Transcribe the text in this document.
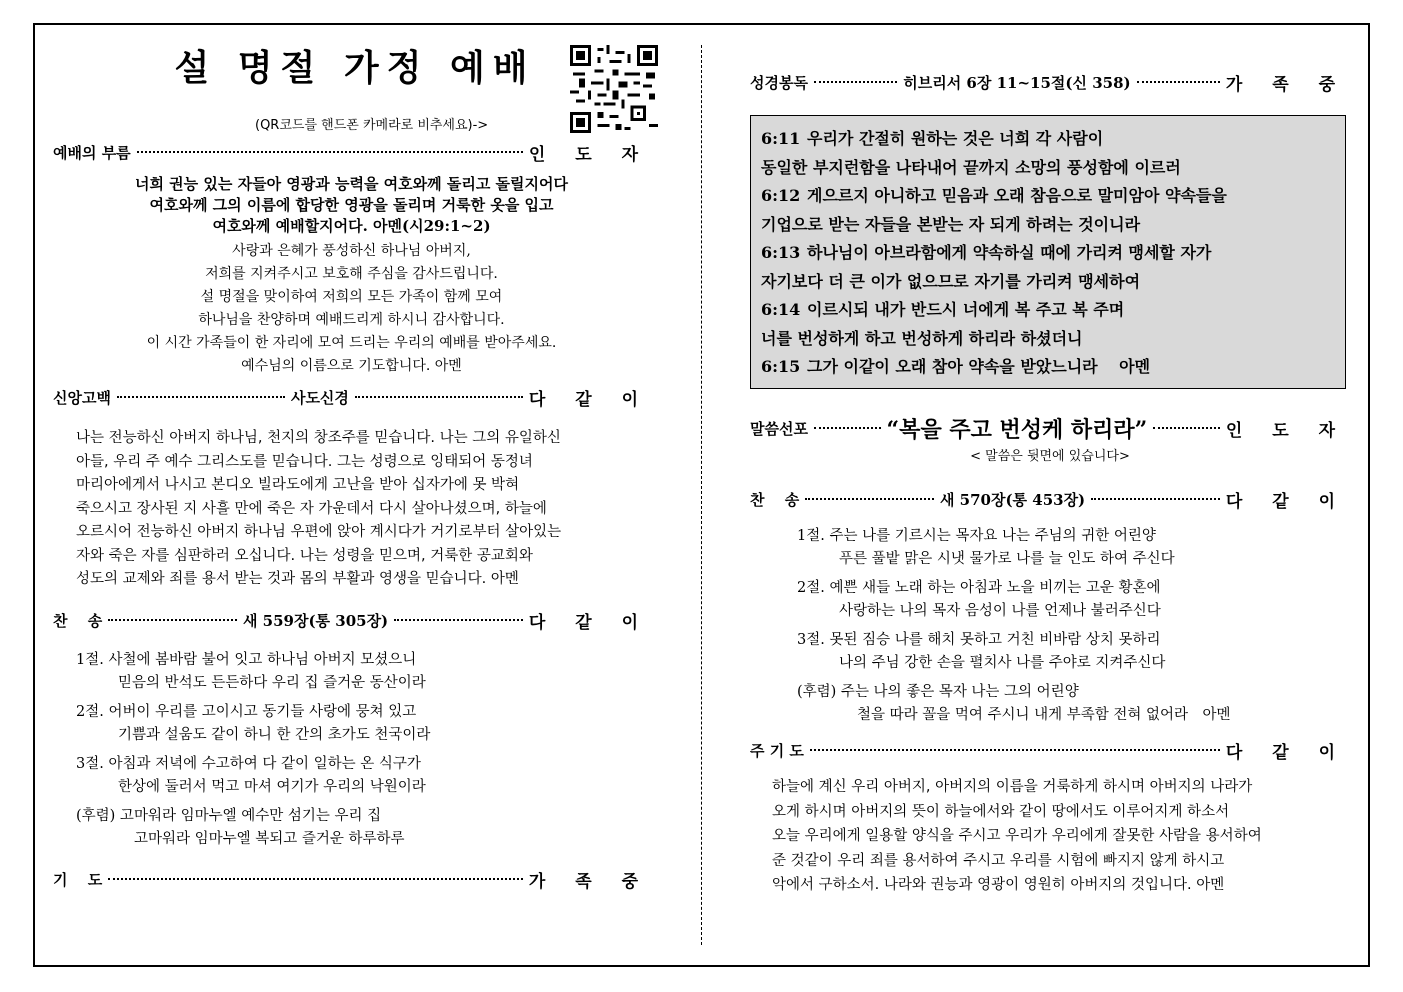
설 명절 가정 예배
(QR코드를 핸드폰 카메라로 비추세요)->
예배의 부름	인 도 자
너희 권능 있는 자들아 영광과 능력을 여호와께 돌리고 돌릴지어다
여호와께 그의 이름에 합당한 영광을 돌리며 거룩한 옷을 입고
여호와께 예배할지어다. 아멘(시29:1~2)
사랑과 은혜가 풍성하신 하나님 아버지,
저희를 지켜주시고 보호해 주심을 감사드립니다.
설 명절을 맞이하여 저희의 모든 가족이 함께 모여
하나님을 찬양하며 예배드리게 하시니 감사합니다.
이 시간 가족들이 한 자리에 모여 드리는 우리의 예배를 받아주세요.
예수님의 이름으로 기도합니다. 아멘
신앙고백	사도신경	다 같 이
나는 전능하신 아버지 하나님, 천지의 창조주를 믿습니다. 나는 그의 유일하신
아들, 우리 주 예수 그리스도를 믿습니다. 그는 성령으로 잉태되어 동정녀
마리아에게서 나시고 본디오 빌라도에게 고난을 받아 십자가에 못 박혀
죽으시고 장사된 지 사흘 만에 죽은 자 가운데서 다시 살아나셨으며, 하늘에
오르시어 전능하신 아버지 하나님 우편에 앉아 계시다가 거기로부터 살아있는
자와 죽은 자를 심판하러 오십니다. 나는 성령을 믿으며, 거룩한 공교회와
성도의 교제와 죄를 용서 받는 것과 몸의 부활과 영생을 믿습니다. 아멘
찬　 송	새 559장(통 305장)	다 같 이
1절. 사철에 봄바람 불어 잇고 하나님 아버지 모셨으니
믿음의 반석도 든든하다 우리 집 즐거운 동산이라
2절. 어버이 우리를 고이시고 동기들 사랑에 뭉쳐 있고
기쁨과 설움도 같이 하니 한 간의 초가도 천국이라
3절. 아침과 저녁에 수고하여 다 같이 일하는 온 식구가
한상에 둘러서 먹고 마셔 여기가 우리의 낙원이라
(후렴) 고마워라 임마누엘 예수만 섬기는 우리 집
고마워라 임마누엘 복되고 즐거운 하루하루
기　 도	가 족 중
성경봉독	히브리서 6장 11~15절(신 358)	가 족 중
6:11 우리가 간절히 원하는 것은 너희 각 사람이
동일한 부지런함을 나타내어 끝까지 소망의 풍성함에 이르러
6:12 게으르지 아니하고 믿음과 오래 참음으로 말미암아 약속들을
기업으로 받는 자들을 본받는 자 되게 하려는 것이니라
6:13 하나님이 아브라함에게 약속하실 때에 가리켜 맹세할 자가
자기보다 더 큰 이가 없으므로 자기를 가리켜 맹세하여
6:14 이르시되 내가 반드시 너에게 복 주고 복 주며
너를 번성하게 하고 번성하게 하리라 하셨더니
6:15 그가 이같이 오래 참아 약속을 받았느니라　 아멘
말씀선포	“복을 주고 번성케 하리라”	인 도 자
< 말씀은 뒷면에 있습니다>
찬　 송	새 570장(통 453장)	다 같 이
1절. 주는 나를 기르시는 목자요 나는 주님의 귀한 어린양
푸른 풀밭 맑은 시냇 물가로 나를 늘 인도 하여 주신다
2절. 예쁜 새들 노래 하는 아침과 노을 비끼는 고운 황혼에
사랑하는 나의 목자 음성이 나를 언제나 불러주신다
3절. 못된 짐승 나를 해치 못하고 거친 비바람 상치 못하리
나의 주님 강한 손을 펼치사 나를 주야로 지켜주신다
(후렴) 주는 나의 좋은 목자 나는 그의 어린양
철을 따라 꼴을 먹여 주시니 내게 부족함 전혀 없어라　아멘
주 기 도	다 같 이
하늘에 계신 우리 아버지, 아버지의 이름을 거룩하게 하시며 아버지의 나라가
오게 하시며 아버지의 뜻이 하늘에서와 같이 땅에서도 이루어지게 하소서
오늘 우리에게 일용할 양식을 주시고 우리가 우리에게 잘못한 사람을 용서하여
준 것같이 우리 죄를 용서하여 주시고 우리를 시험에 빠지지 않게 하시고
악에서 구하소서. 나라와 권능과 영광이 영원히 아버지의 것입니다. 아멘
